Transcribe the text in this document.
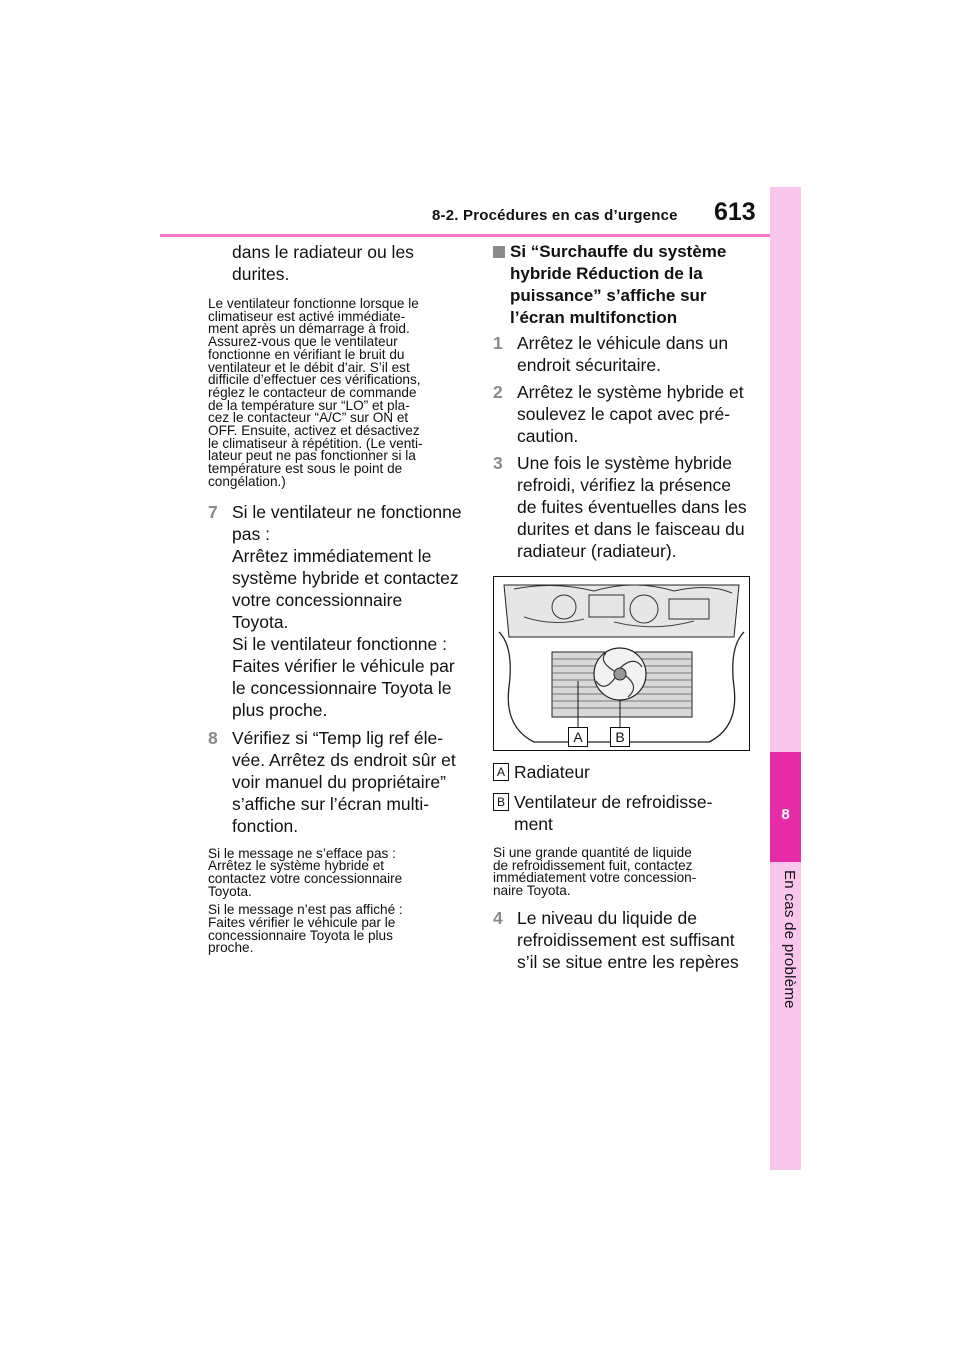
8-2. Procédures en cas d’urgence 613
8
En cas de problème
dans le radiateur ou les
durites.
Le ventilateur fonctionne lorsque le
climatiseur est activé immédiate-
ment après un démarrage à froid.
Assurez-vous que le ventilateur
fonctionne en vérifiant le bruit du
ventilateur et le débit d’air. S’il est
difficile d’effectuer ces vérifications,
réglez le contacteur de commande
de la température sur “LO” et pla-
cez le contacteur “A/C” sur ON et
OFF. Ensuite, activez et désactivez
le climatiseur à répétition. (Le venti-
lateur peut ne pas fonctionner si la
température est sous le point de
congélation.)
7 Si le ventilateur ne fonctionne
pas :
Arrêtez immédiatement le
système hybride et contactez
votre concessionnaire
Toyota.
Si le ventilateur fonctionne :
Faites vérifier le véhicule par
le concessionnaire Toyota le
plus proche.
8 Vérifiez si “Temp lig ref éle-
vée. Arrêtez ds endroit sûr et
voir manuel du propriétaire”
s’affiche sur l’écran multi-
fonction.
Si le message ne s’efface pas :
Arrêtez le système hybride et
contactez votre concessionnaire
Toyota.
Si le message n’est pas affiché :
Faites vérifier le véhicule par le
concessionnaire Toyota le plus
proche.
Si “Surchauffe du système
hybride Réduction de la
puissance” s’affiche sur
l’écran multifonction
1 Arrêtez le véhicule dans un
endroit sécuritaire.
2 Arrêtez le système hybride et
soulevez le capot avec pré-
caution.
3 Une fois le système hybride
refroidi, vérifiez la présence
de fuites éventuelles dans les
durites et dans le faisceau du
radiateur (radiateur).
A	B
A Radiateur
B Ventilateur de refroidisse-
ment
Si une grande quantité de liquide
de refroidissement fuit, contactez
immédiatement votre concession-
naire Toyota.
4 Le niveau du liquide de
refroidissement est suffisant
s’il se situe entre les repères
